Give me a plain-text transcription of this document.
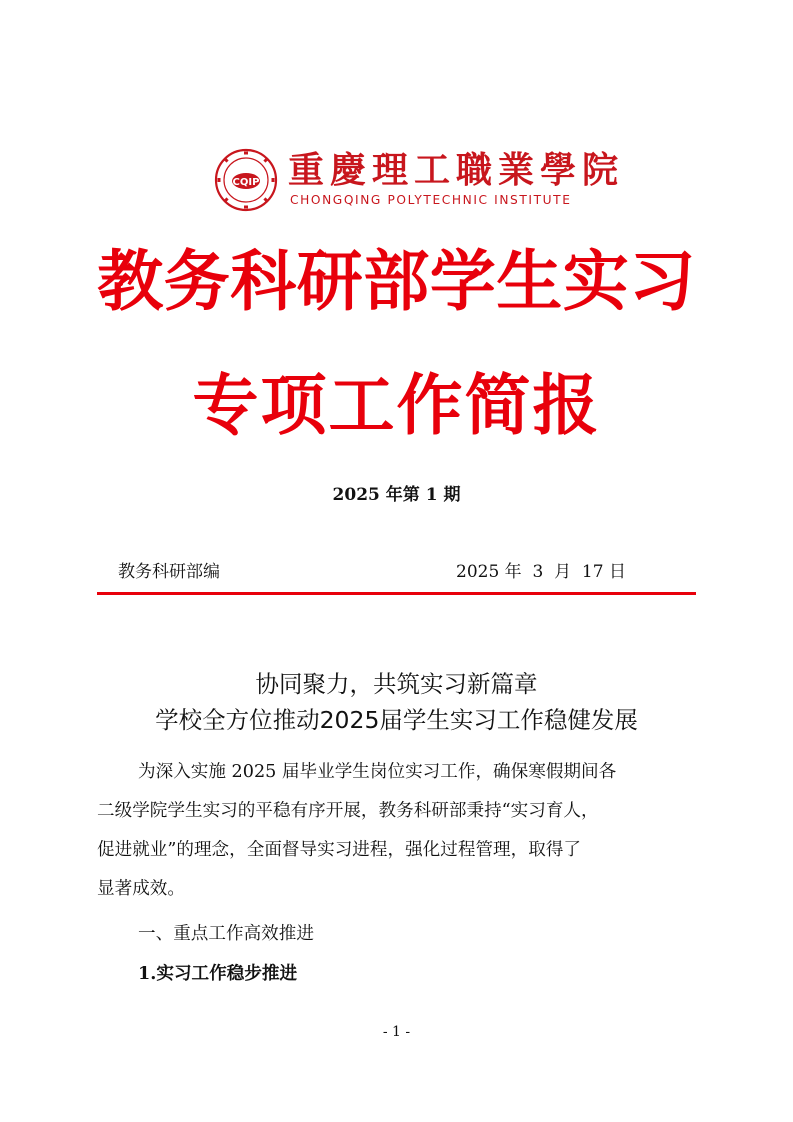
CQIP 重慶理工職業學院
CHONGQING POLYTECHNIC INSTITUTE
教务科研部学生实习
专项工作简报
2025 年第 1 期
教务科研部编	2025 年  3  月  17 日
协同聚力，共筑实习新篇章
学校全方位推动2025届学生实习工作稳健发展
为深入实施 2025 届毕业学生岗位实习工作，确保寒假期间各
二级学院学生实习的平稳有序开展，教务科研部秉持“实习育人，
促进就业”的理念，全面督导实习进程，强化过程管理，取得了
显著成效。
一、重点工作高效推进
1.实习工作稳步推进
- 1 -
